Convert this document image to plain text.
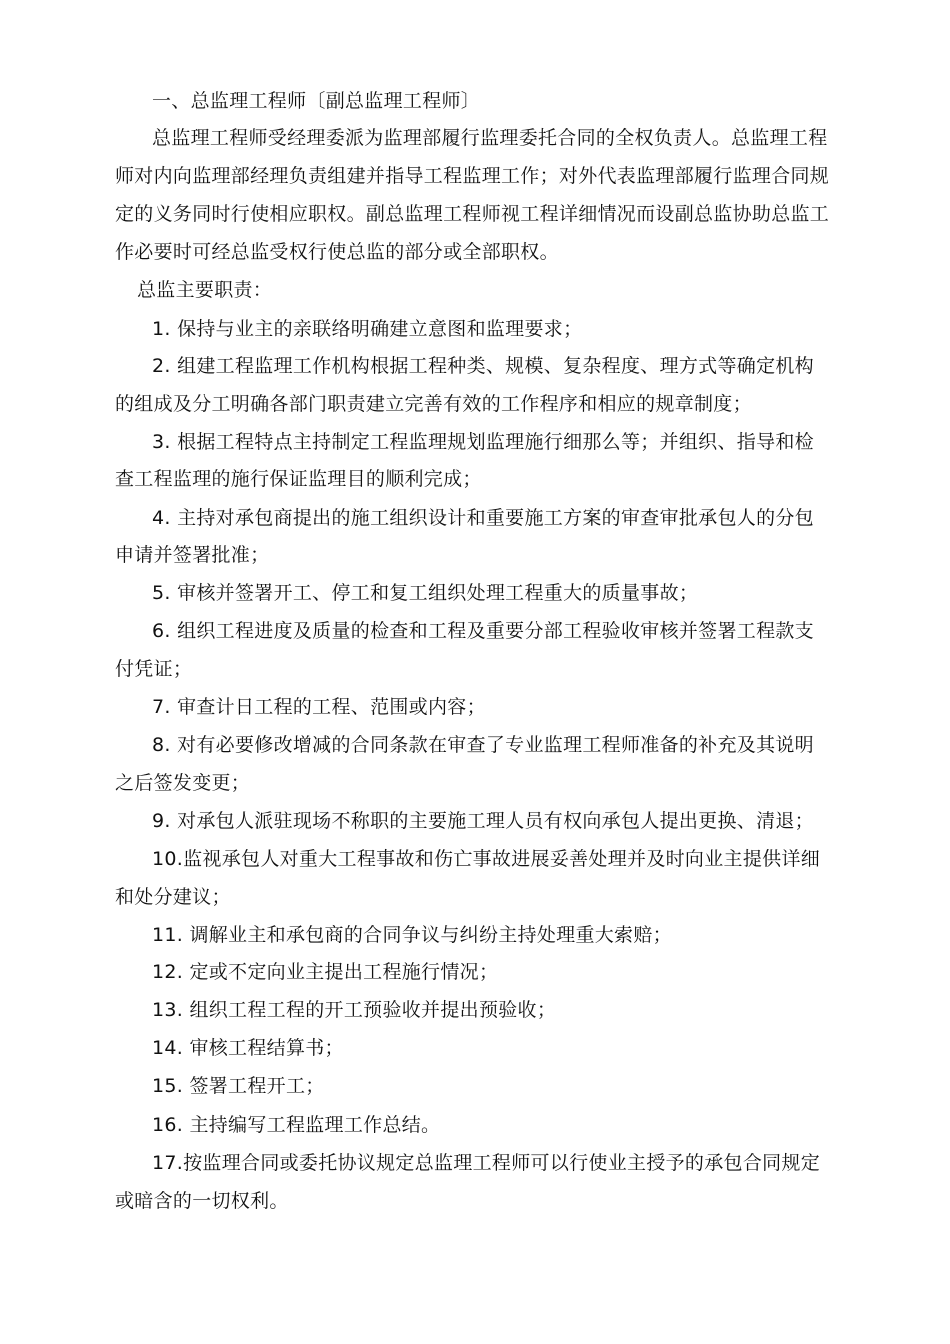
一、总监理工程师〔副总监理工程师〕
总监理工程师受经理委派为监理部履行监理委托合同的全权负责人。总监理工程
师对内向监理部经理负责组建并指导工程监理工作；对外代表监理部履行监理合同规
定的义务同时行使相应职权。副总监理工程师视工程详细情况而设副总监协助总监工
作必要时可经总监受权行使总监的部分或全部职权。
总监主要职责：
1. 保持与业主的亲联络明确建立意图和监理要求；
2. 组建工程监理工作机构根据工程种类、规模、复杂程度、理方式等确定机构
的组成及分工明确各部门职责建立完善有效的工作程序和相应的规章制度；
3. 根据工程特点主持制定工程监理规划监理施行细那么等；并组织、指导和检
查工程监理的施行保证监理目的顺利完成；
4. 主持对承包商提出的施工组织设计和重要施工方案的审查审批承包人的分包
申请并签署批准；
5. 审核并签署开工、停工和复工组织处理工程重大的质量事故；
6. 组织工程进度及质量的检查和工程及重要分部工程验收审核并签署工程款支
付凭证；
7. 审查计日工程的工程、范围或内容；
8. 对有必要修改增减的合同条款在审查了专业监理工程师准备的补充及其说明
之后签发变更；
9. 对承包人派驻现场不称职的主要施工理人员有权向承包人提出更换、清退；
10.监视承包人对重大工程事故和伤亡事故进展妥善处理并及时向业主提供详细
和处分建议；
11. 调解业主和承包商的合同争议与纠纷主持处理重大索赔；
12. 定或不定向业主提出工程施行情况；
13. 组织工程工程的开工预验收并提出预验收；
14. 审核工程结算书；
15. 签署工程开工；
16. 主持编写工程监理工作总结。
17.按监理合同或委托协议规定总监理工程师可以行使业主授予的承包合同规定
或暗含的一切权利。
